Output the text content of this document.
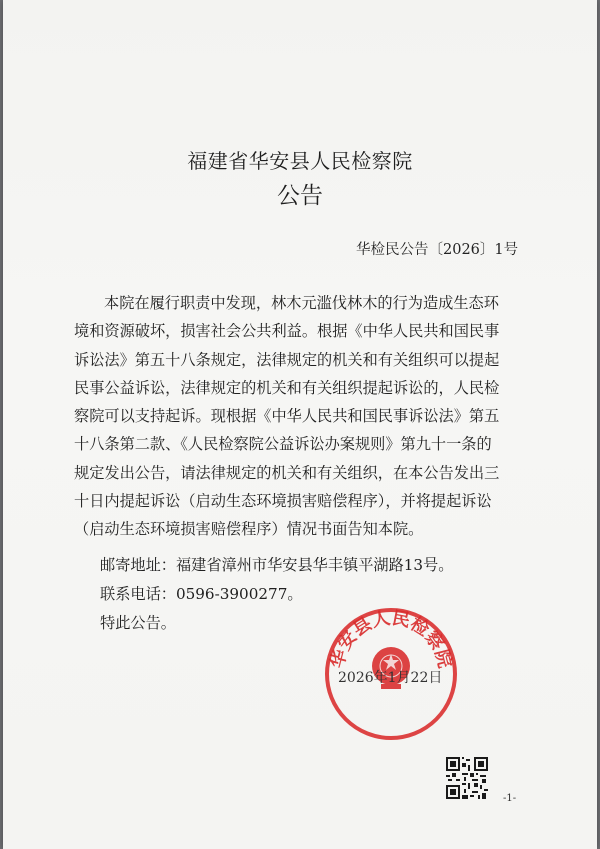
福建省华安县人民检察院
公告
华检民公告〔2026〕1号
本院在履行职责中发现，林木元滥伐林木的行为造成生态环
境和资源破坏，损害社会公共利益。根据《中华人民共和国民事
诉讼法》第五十八条规定，法律规定的机关和有关组织可以提起
民事公益诉讼，法律规定的机关和有关组织提起诉讼的，人民检
察院可以支持起诉。现根据《中华人民共和国民事诉讼法》第五
十八条第二款、《人民检察院公益诉讼办案规则》第九十一条的
规定发出公告，请法律规定的机关和有关组织，在本公告发出三
十日内提起诉讼（启动生态环境损害赔偿程序），并将提起诉讼
（启动生态环境损害赔偿程序）情况书面告知本院。
邮寄地址：福建省漳州市华安县华丰镇平湖路13号。
联系电话：0596-3900277。
特此公告。
华安县人民检察院
2026年1月22日
-1-
